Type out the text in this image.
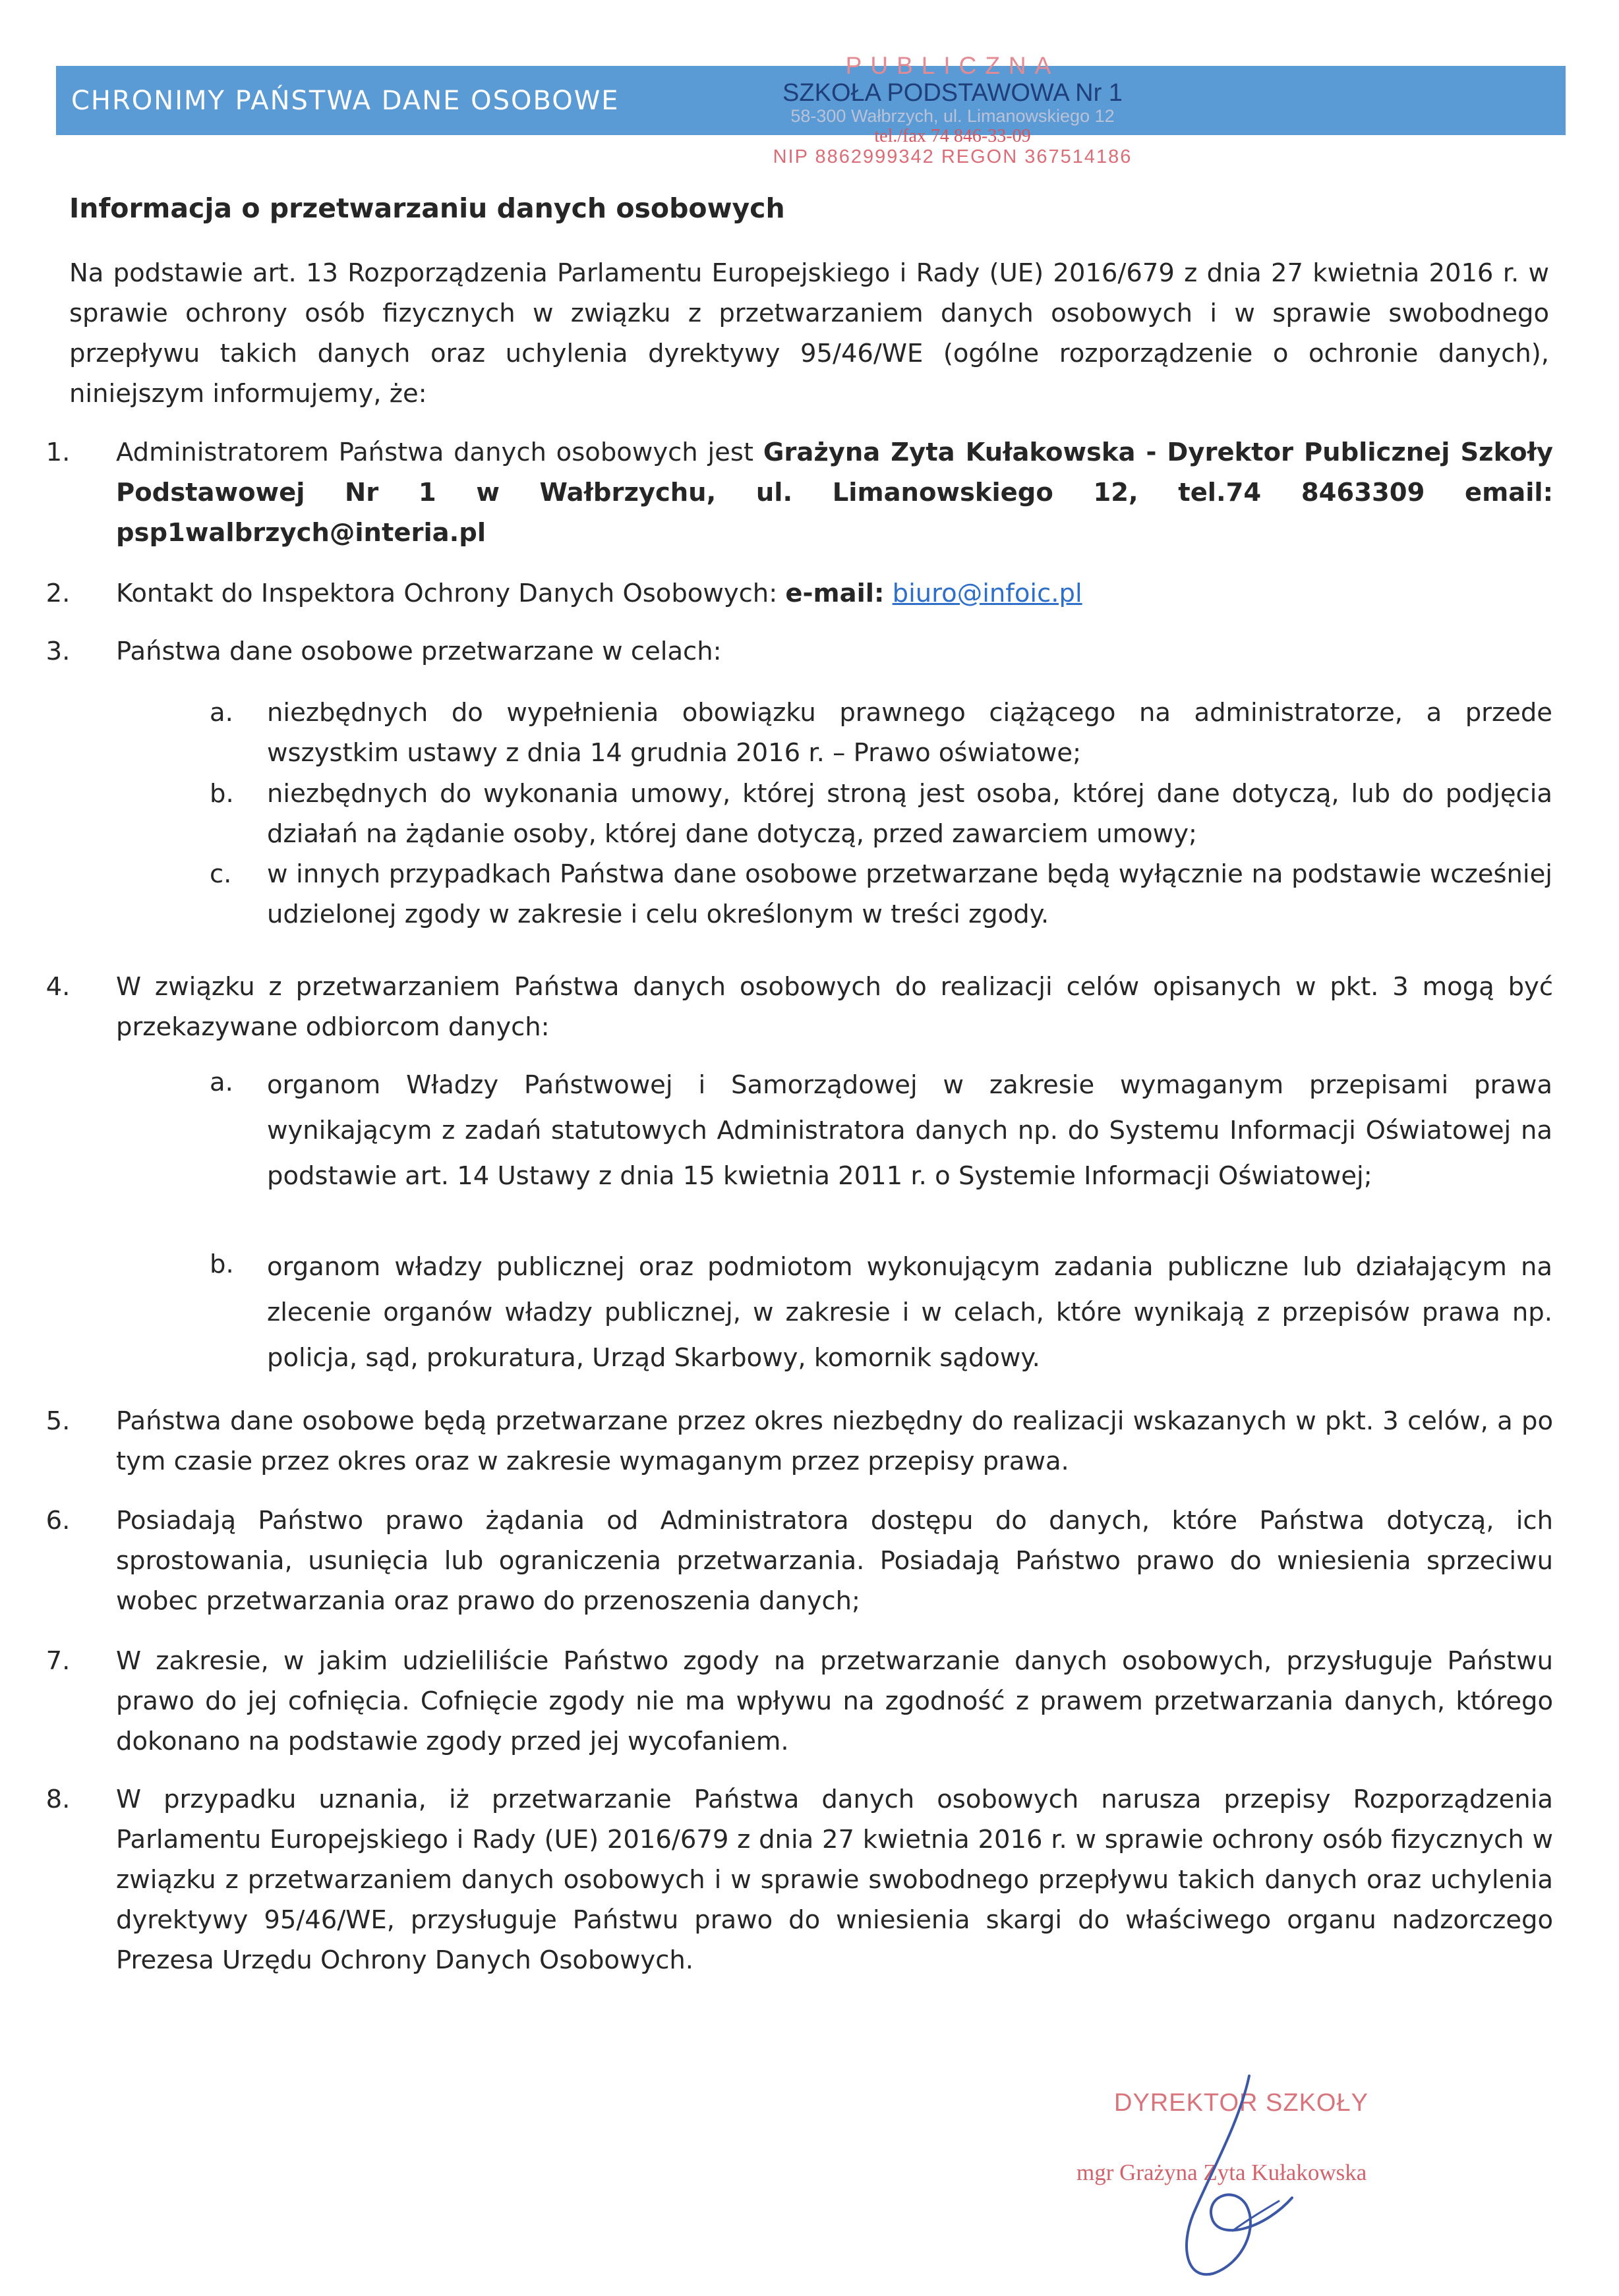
CHRONIMY PAŃSTWA DANE OSOBOWE
PUBLICZNA
SZKOŁA PODSTAWOWA Nr 1
58-300 Wałbrzych, ul. Limanowskiego 12
tel./fax 74 846-33-09
NIP 8862999342 REGON 367514186
Informacja o przetwarzaniu danych osobowych

Na podstawie art. 13 Rozporządzenia Parlamentu Europejskiego i Rady (UE) 2016/679 z dnia 27 kwietnia 2016 r. w sprawie ochrony osób fizycznych w związku z przetwarzaniem danych osobowych i w sprawie swobodnego przepływu takich danych oraz uchylenia dyrektywy 95/46/WE (ogólne rozporządzenie o ochronie danych), niniejszym informujemy, że:

1.	Administratorem Państwa danych osobowych jest Grażyna Zyta Kułakowska - Dyrektor Publicznej Szkoły Podstawowej Nr 1 w Wałbrzychu, ul. Limanowskiego 12, tel.74 8463309 email: psp1walbrzych@interia.pl

2.	Kontakt do Inspektora Ochrony Danych Osobowych: e-mail: biuro@infoic.pl

3.	Państwa dane osobowe przetwarzane w celach:

a. niezbędnych do wypełnienia obowiązku prawnego ciążącego na administratorze, a przede wszystkim ustawy z dnia 14 grudnia 2016 r. – Prawo oświatowe;

b. niezbędnych do wykonania umowy, której stroną jest osoba, której dane dotyczą, lub do podjęcia działań na żądanie osoby, której dane dotyczą, przed zawarciem umowy;

c. w innych przypadkach Państwa dane osobowe przetwarzane będą wyłącznie na podstawie wcześniej udzielonej zgody w zakresie i celu określonym w treści zgody.

4.	W związku z przetwarzaniem Państwa danych osobowych do realizacji celów opisanych w pkt. 3 mogą być przekazywane odbiorcom danych:

a. organom Władzy Państwowej i Samorządowej w zakresie wymaganym przepisami prawa wynikającym z zadań statutowych Administratora danych np. do Systemu Informacji Oświatowej na podstawie art. 14 Ustawy z dnia 15 kwietnia 2011 r. o Systemie Informacji Oświatowej;

b. organom władzy publicznej oraz podmiotom wykonującym zadania publiczne lub działającym na zlecenie organów władzy publicznej, w zakresie i w celach, które wynikają z przepisów prawa np. policja, sąd, prokuratura, Urząd Skarbowy, komornik sądowy.

5.	Państwa dane osobowe będą przetwarzane przez okres niezbędny do realizacji wskazanych w pkt. 3 celów, a po tym czasie przez okres oraz w zakresie wymaganym przez przepisy prawa.

6.	Posiadają Państwo prawo żądania od Administratora dostępu do danych, które Państwa dotyczą, ich sprostowania, usunięcia lub ograniczenia przetwarzania. Posiadają Państwo prawo do wniesienia sprzeciwu wobec przetwarzania oraz prawo do przenoszenia danych;

7.	W zakresie, w jakim udzieliliście Państwo zgody na przetwarzanie danych osobowych, przysługuje Państwu prawo do jej cofnięcia. Cofnięcie zgody nie ma wpływu na zgodność z prawem przetwarzania danych, którego dokonano na podstawie zgody przed jej wycofaniem.

8.	W przypadku uznania, iż przetwarzanie Państwa danych osobowych narusza przepisy Rozporządzenia Parlamentu Europejskiego i Rady (UE) 2016/679 z dnia 27 kwietnia 2016 r. w sprawie ochrony osób fizycznych w związku z przetwarzaniem danych osobowych i w sprawie swobodnego przepływu takich danych oraz uchylenia dyrektywy 95/46/WE, przysługuje Państwu prawo do wniesienia skargi do właściwego organu nadzorczego Prezesa Urzędu Ochrony Danych Osobowych.

DYREKTOR SZKOŁY
mgr Grażyna Zyta Kułakowska
